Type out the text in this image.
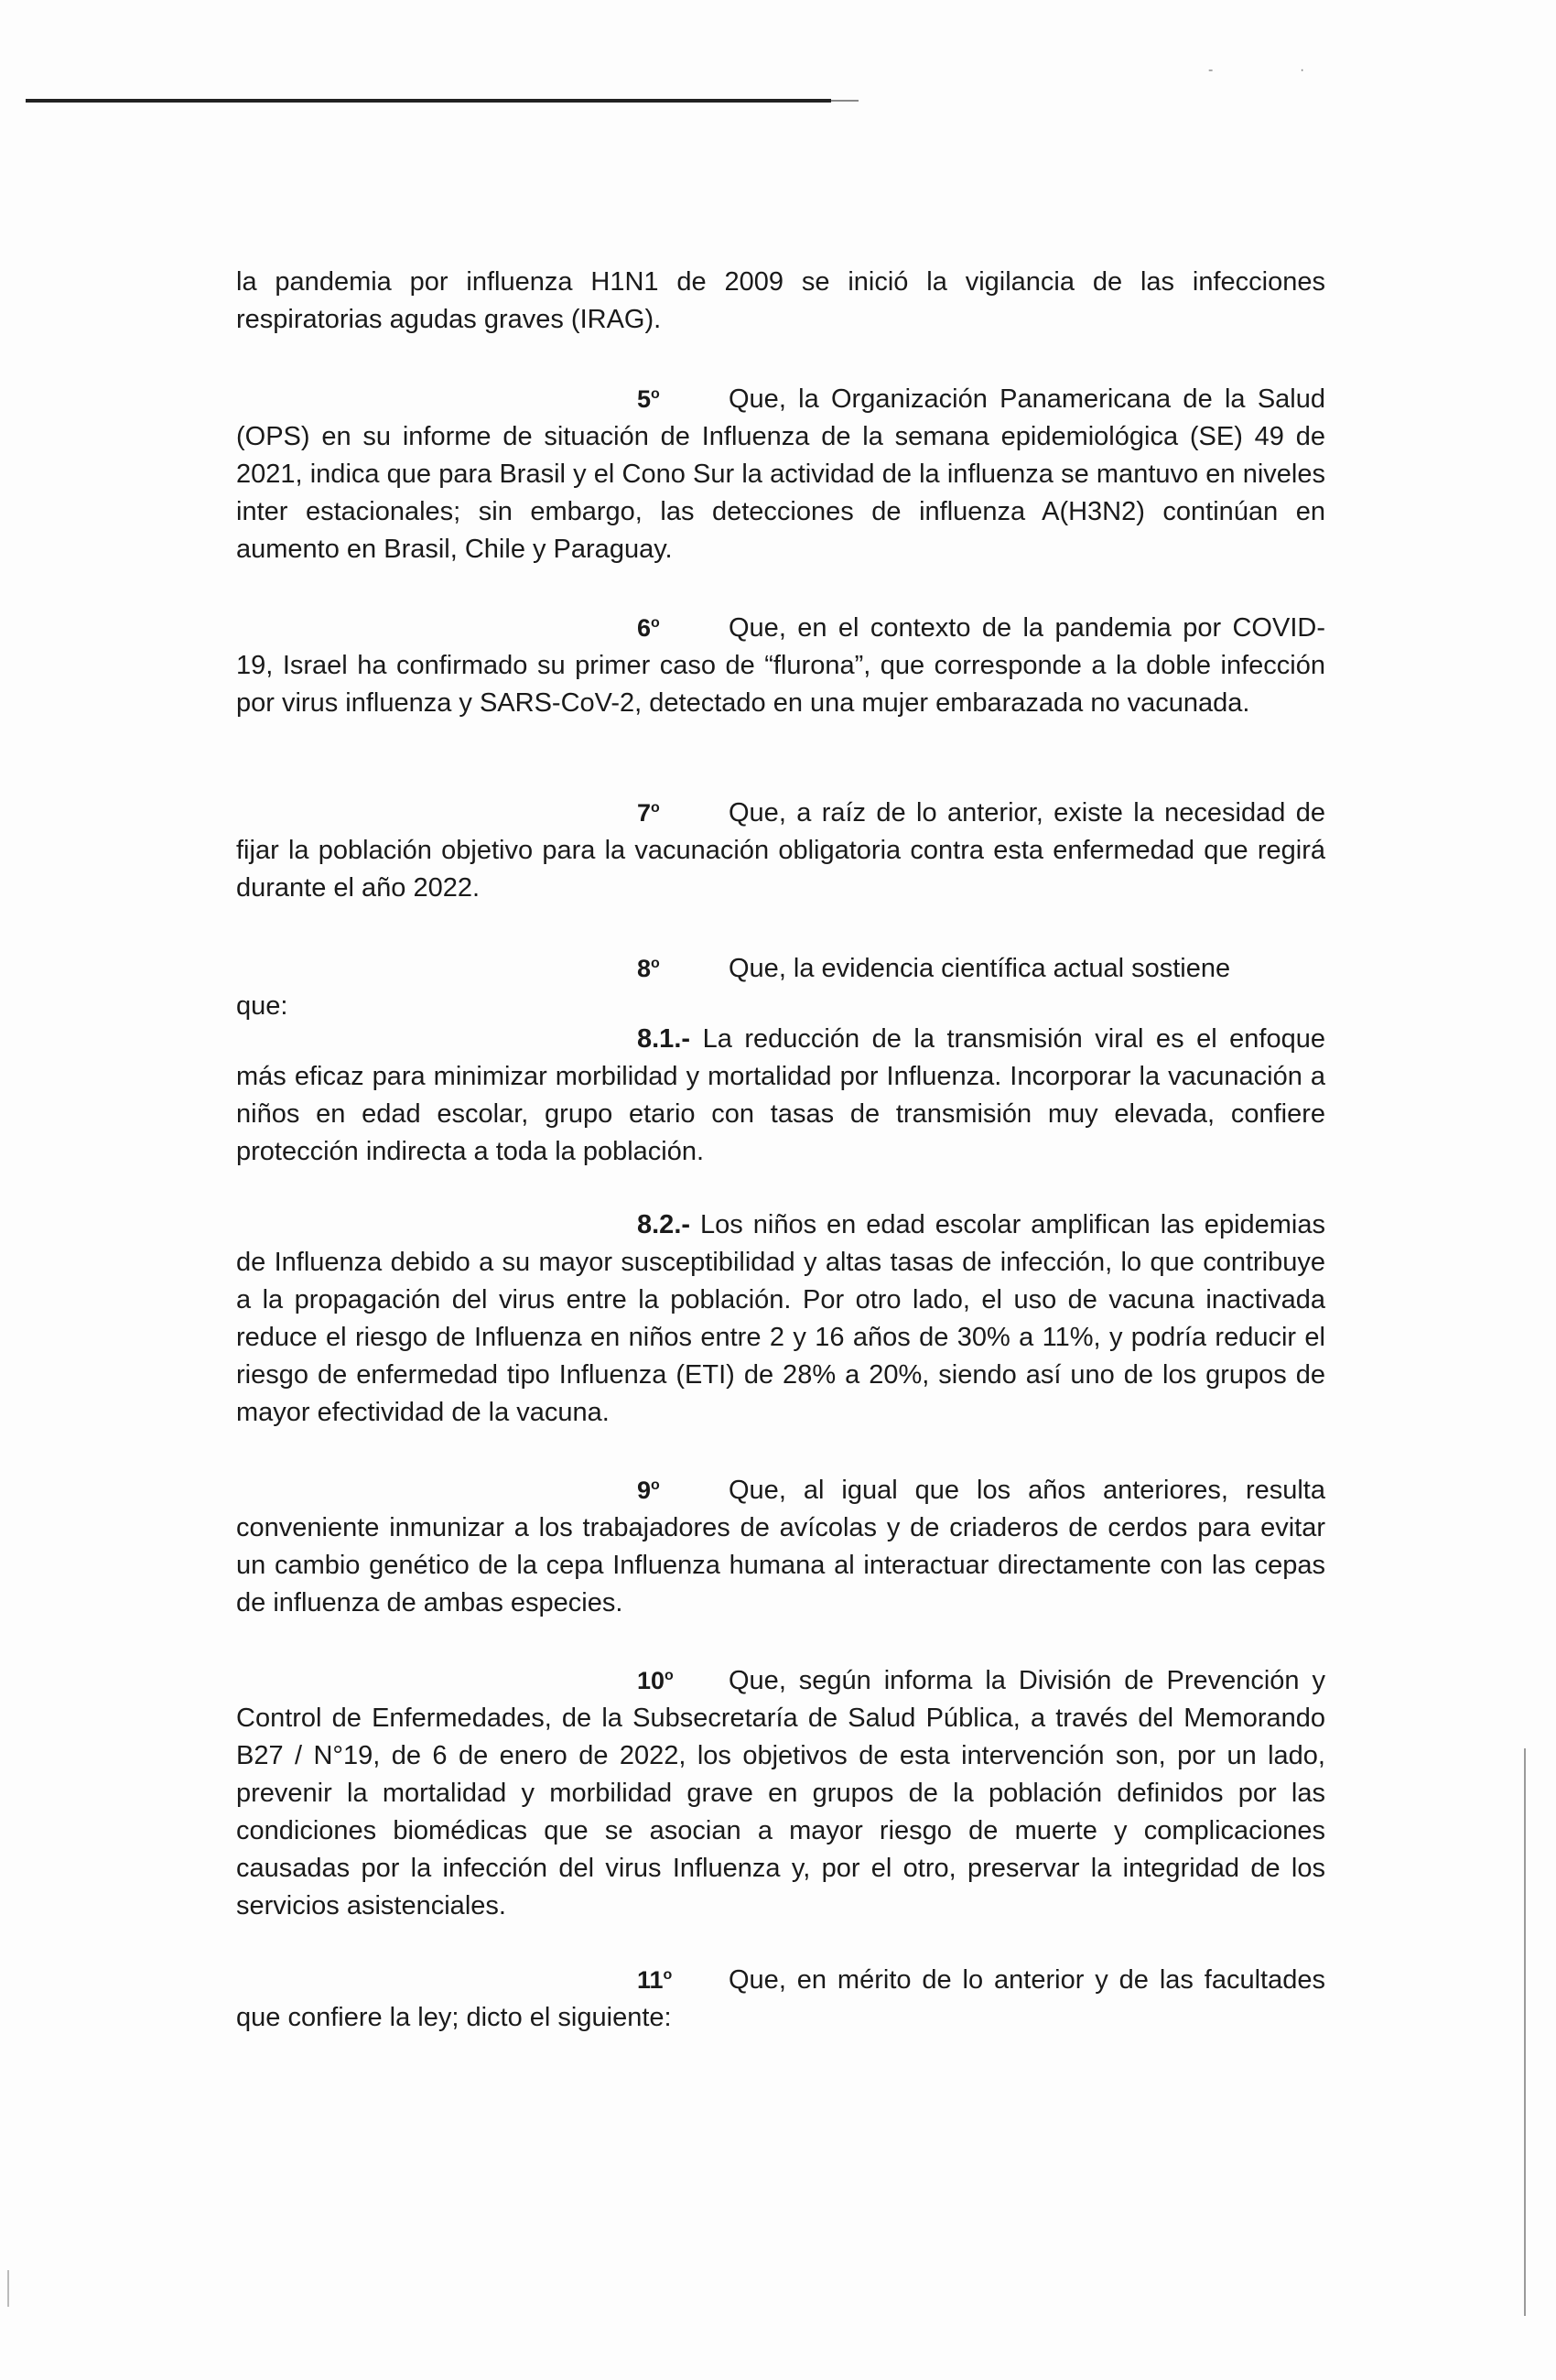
-	·

la pandemia por influenza H1N1 de 2009 se inició la vigilancia de las infecciones respiratorias agudas graves (IRAG).

5$^o$	Que, la Organización Panamericana de la Salud (OPS) en su informe de situación de Influenza de la semana epidemiológica (SE) 49 de 2021, indica que para Brasil y el Cono Sur la actividad de la influenza se mantuvo en niveles inter estacionales; sin embargo, las detecciones de influenza A(H3N2) continúan en aumento en Brasil, Chile y Paraguay.

6$^o$	Que, en el contexto de la pandemia por COVID-19, Israel ha confirmado su primer caso de “flurona”, que corresponde a la doble infección por virus influenza y SARS-CoV-2, detectado en una mujer embarazada no vacunada.

7$^o$	Que, a raíz de lo anterior, existe la necesidad de fijar la población objetivo para la vacunación obligatoria contra esta enfermedad que regirá durante el año 2022.

8$^o$	Que, la evidencia científica actual sostiene

que:

8.1.- La reducción de la transmisión viral es el enfoque más eficaz para minimizar morbilidad y mortalidad por Influenza. Incorporar la vacunación a niños en edad escolar, grupo etario con tasas de transmisión muy elevada, confiere protección indirecta a toda la población.

8.2.- Los niños en edad escolar amplifican las epidemias de Influenza debido a su mayor susceptibilidad y altas tasas de infección, lo que contribuye a la propagación del virus entre la población. Por otro lado, el uso de vacuna inactivada reduce el riesgo de Influenza en niños entre 2 y 16 años de 30% a 11%, y podría reducir el riesgo de enfermedad tipo Influenza (ETI) de 28% a 20%, siendo así uno de los grupos de mayor efectividad de la vacuna.

9$^o$	Que, al igual que los años anteriores, resulta conveniente inmunizar a los trabajadores de avícolas y de criaderos de cerdos para evitar un cambio genético de la cepa Influenza humana al interactuar directamente con las cepas de influenza de ambas especies.

10$^o$ Que, según informa la División de Prevención y Control de Enfermedades, de la Subsecretaría de Salud Pública, a través del Memorando B27 / N°19, de 6 de enero de 2022, los objetivos de esta intervención son, por un lado, prevenir la mortalidad y morbilidad grave en grupos de la población definidos por las condiciones biomédicas que se asocian a mayor riesgo de muerte y complicaciones causadas por la infección del virus Influenza y, por el otro, preservar la integridad de los servicios asistenciales.

11$^o$ Que, en mérito de lo anterior y de las facultades que confiere la ley; dicto el siguiente:
